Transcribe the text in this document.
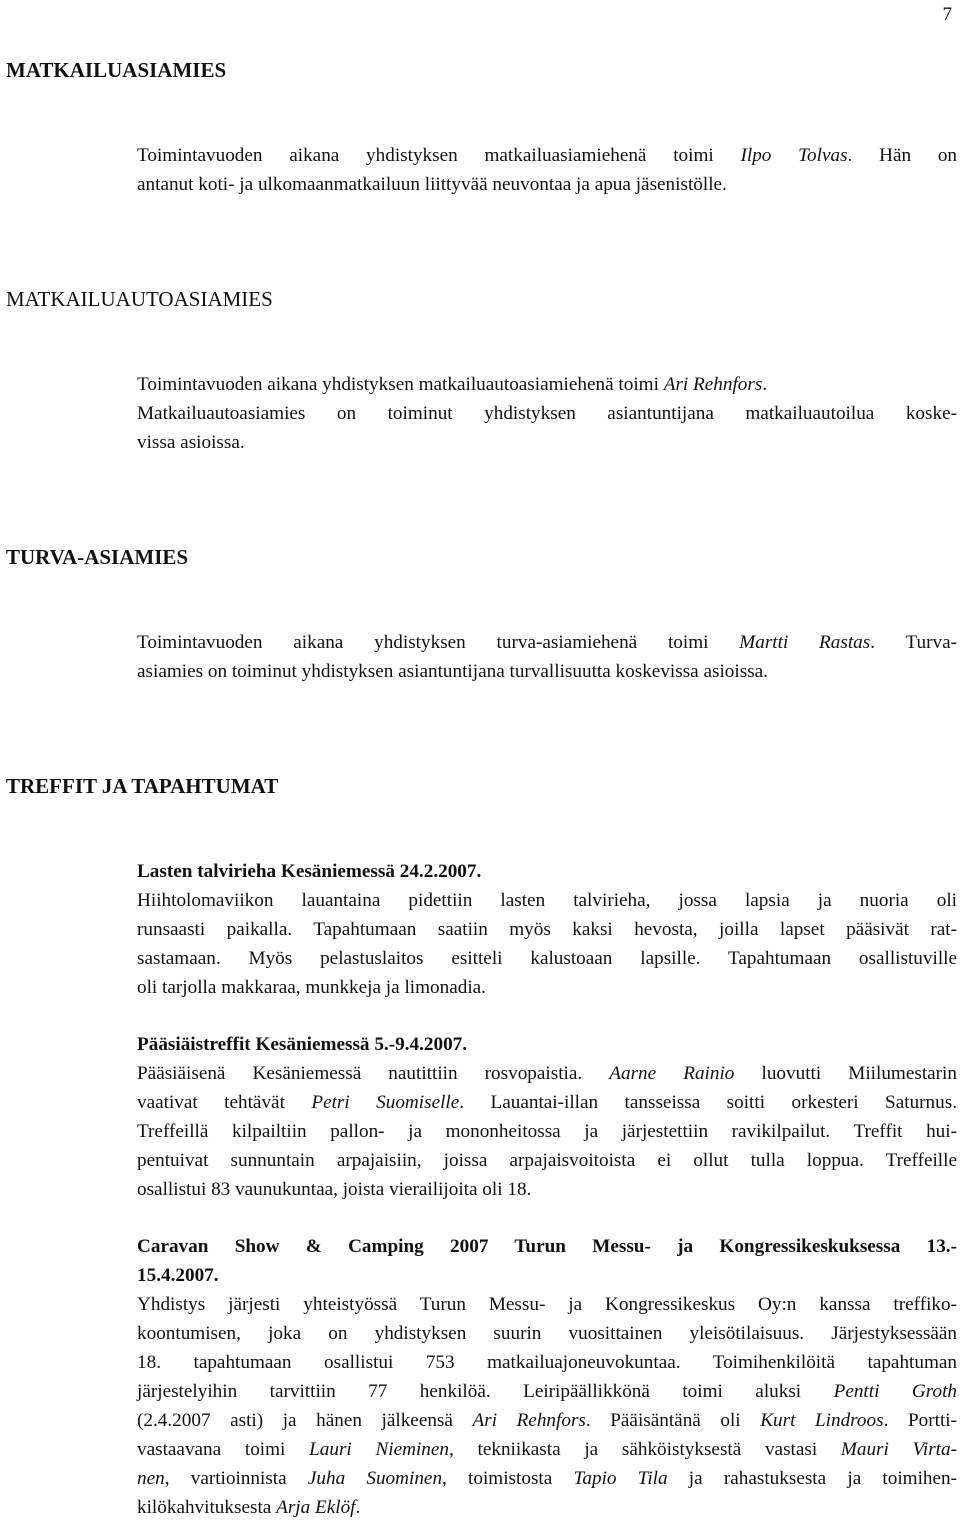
7
MATKAILUASIAMIES
Toimintavuoden aikana yhdistyksen matkailuasiamiehenä toimi Ilpo Tolvas. Hän on
antanut koti- ja ulkomaanmatkailuun liittyvää neuvontaa ja apua jäsenistölle.
MATKAILUAUTOASIAMIES
Toimintavuoden aikana yhdistyksen matkailuautoasiamiehenä toimi Ari Rehnfors.
Matkailuautoasiamies on toiminut yhdistyksen asiantuntijana matkailuautoilua koske-
vissa asioissa.
TURVA-ASIAMIES
Toimintavuoden aikana yhdistyksen turva-asiamiehenä toimi Martti Rastas. Turva-
asiamies on toiminut yhdistyksen asiantuntijana turvallisuutta koskevissa asioissa.
TREFFIT JA TAPAHTUMAT
Lasten talvirieha Kesäniemessä 24.2.2007.
Hiihtolomaviikon lauantaina pidettiin lasten talvirieha, jossa lapsia ja nuoria oli
runsaasti paikalla. Tapahtumaan saatiin myös kaksi hevosta, joilla lapset pääsivät rat-
sastamaan. Myös pelastuslaitos esitteli kalustoaan lapsille. Tapahtumaan osallistuville
oli tarjolla makkaraa, munkkeja ja limonadia.
Pääsiäistreffit Kesäniemessä 5.-9.4.2007.
Pääsiäisenä Kesäniemessä nautittiin rosvopaistia. Aarne Rainio luovutti Miilumestarin
vaativat tehtävät Petri Suomiselle. Lauantai-illan tansseissa soitti orkesteri Saturnus.
Treffeillä kilpailtiin pallon- ja mononheitossa ja järjestettiin ravikilpailut. Treffit hui-
pentuivat sunnuntain arpajaisiin, joissa arpajaisvoitoista ei ollut tulla loppua. Treffeille
osallistui 83 vaunukuntaa, joista vierailijoita oli 18.
Caravan Show & Camping 2007 Turun Messu- ja Kongressikeskuksessa 13.-
15.4.2007.
Yhdistys järjesti yhteistyössä Turun Messu- ja Kongressikeskus Oy:n kanssa treffiko-
koontumisen, joka on yhdistyksen suurin vuosittainen yleisötilaisuus. Järjestyksessään
18. tapahtumaan osallistui 753 matkailuajoneuvokuntaa. Toimihenkilöitä tapahtuman
järjestelyihin tarvittiin 77 henkilöä. Leiripäällikkönä toimi aluksi Pentti Groth
(2.4.2007 asti) ja hänen jälkeensä Ari Rehnfors. Pääisäntänä oli Kurt Lindroos. Portti-
vastaavana toimi Lauri Nieminen, tekniikasta ja sähköistyksestä vastasi Mauri Virta-
nen, vartioinnista Juha Suominen, toimistosta Tapio Tila ja rahastuksesta ja toimihen-
kilökahvituksesta Arja Eklöf.
